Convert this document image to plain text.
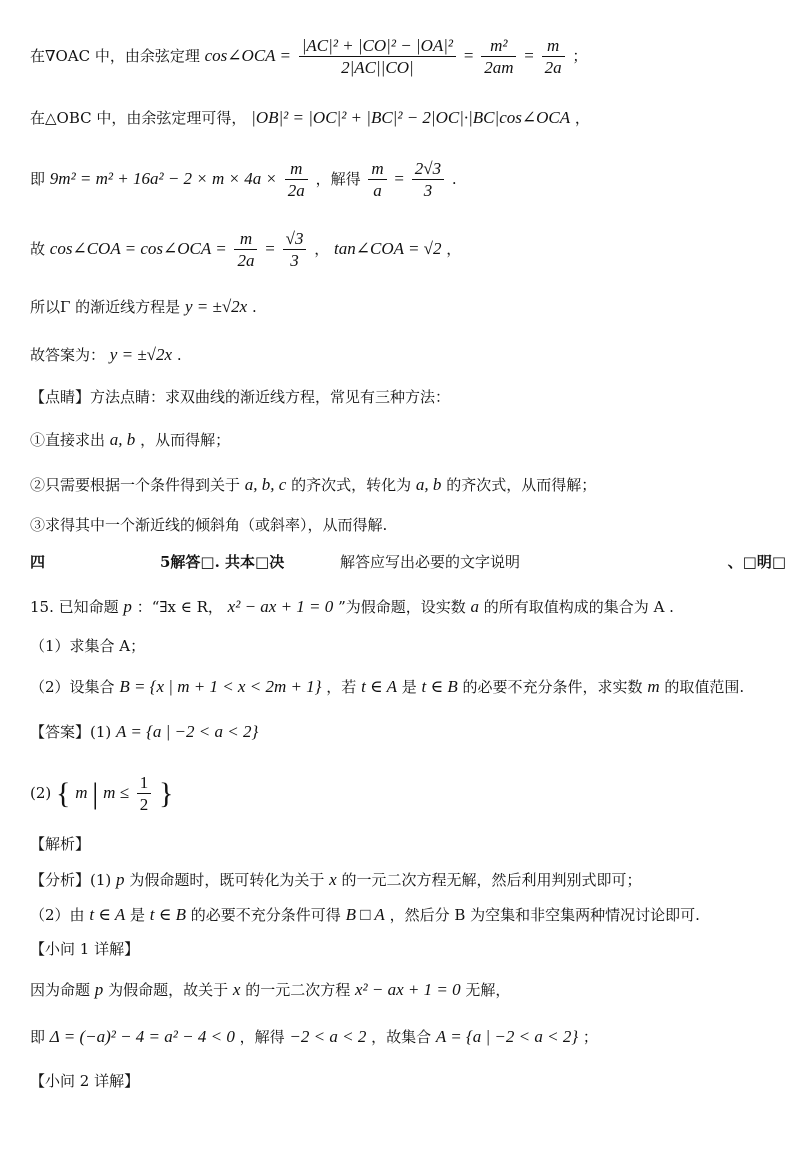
在∇OAC 中，由余弦定理 cos∠OCA = $\frac{\text{|AC|² + |CO|² − |OA|²}}{2|AC||CO|} = \frac{\text{m²}}{2am} = \frac{m}{2a}$ ；
在△OBC 中，由余弦定理可得， |OB|² = |OC|² + |BC|² − 2|OC|·|BC|cos∠OCA ，
即 $9m^2 = m^2 + 16a^2 - 2 \times m \times 4a \times \frac{m}{2a}$ ，解得 $\frac{m}{a} = \frac{2√3}{3}$ .
故 cos∠COA = cos∠OCA = $\frac{m}{2a} = \frac{√3}{3}$ ， tan∠COA = √2 ，
所以Γ 的渐近线方程是 y = ±√2x .
故答案为： y = ±√2x .
【点睛】方法点睛：求双曲线的渐近线方程，常见有三种方法：
①直接求出 a, b ，从而得解；
②只需要根据一个条件得到关于 a, b, c 的齐次式，转化为 a, b 的齐次式，从而得解；
③求得其中一个渐近线的倾斜角（或斜率），从而得解.
四	5解答□. 共本□决	解答应写出必要的文字说明	、□明□
15. 已知命题 p ：“∃x ∈ R， x² − ax + 1 = 0 ”为假命题，设实数 a 的所有取值构成的集合为 A .
（1）求集合 A；
（2）设集合 B = {x | m + 1 < x < 2m + 1} ，若 t ∈ A 是 t ∈ B 的必要不充分条件，求实数 m 的取值范围.
【答案】(1) A = {a | −2 < a < 2}
(2) { m | $m \le \frac{1}{2}$ }
【解析】
【分析】(1) p 为假命题时，既可转化为关于 x 的一元二次方程无解，然后利用判别式即可；
（2）由 t ∈ A 是 t ∈ B 的必要不充分条件可得 B □ A ，然后分 B 为空集和非空集两种情况讨论即可.
【小问 1 详解】
因为命题 p 为假命题，故关于 x 的一元二次方程 x² − ax + 1 = 0 无解，
即 Δ = (−a)² − 4 = a² − 4 < 0 ，解得 −2 < a < 2 ，故集合 A = {a | −2 < a < 2} ；
【小问 2 详解】
